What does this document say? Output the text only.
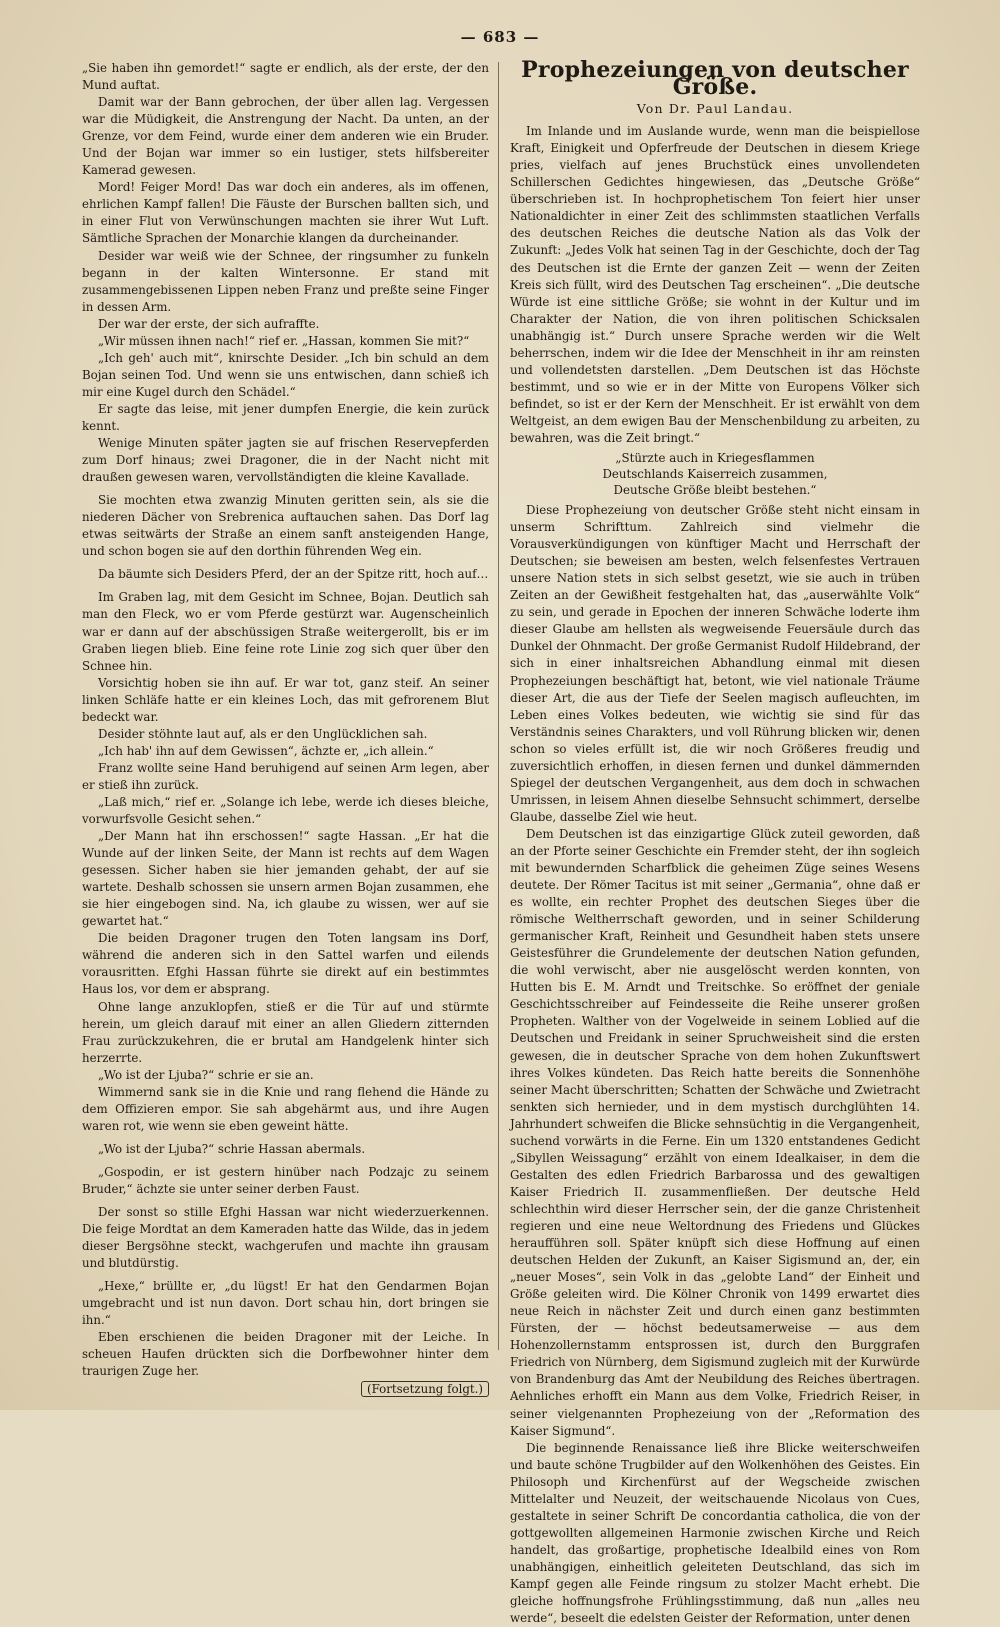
— 683 —

„Sie haben ihn gemordet!“ sagte er endlich, als der erste, der den Mund auftat.

Damit war der Bann gebrochen, der über allen lag. Vergessen war die Müdigkeit, die Anstrengung der Nacht. Da unten, an der Grenze, vor dem Feind, wurde einer dem anderen wie ein Bruder. Und der Bojan war immer so ein lustiger, stets hilfsbereiter Kamerad gewesen.

Mord! Feiger Mord! Das war doch ein anderes, als im offenen, ehrlichen Kampf fallen! Die Fäuste der Burschen ballten sich, und in einer Flut von Verwünschungen machten sie ihrer Wut Luft. Sämtliche Sprachen der Monarchie klangen da durcheinander.

Desider war weiß wie der Schnee, der ringsumher zu funkeln begann in der kalten Wintersonne. Er stand mit zusammengebissenen Lippen neben Franz und preßte seine Finger in dessen Arm.

Der war der erste, der sich aufraffte.

„Wir müssen ihnen nach!“ rief er. „Hassan, kommen Sie mit?“

„Ich geh' auch mit“, knirschte Desider. „Ich bin schuld an dem Bojan seinen Tod. Und wenn sie uns entwischen, dann schieß ich mir eine Kugel durch den Schädel.“

Er sagte das leise, mit jener dumpfen Energie, die kein zurück kennt.

Wenige Minuten später jagten sie auf frischen Reservepferden zum Dorf hinaus; zwei Dragoner, die in der Nacht nicht mit draußen gewesen waren, vervollständigten die kleine Kavallade.

Sie mochten etwa zwanzig Minuten geritten sein, als sie die niederen Dächer von Srebrenica auftauchen sahen. Das Dorf lag etwas seitwärts der Straße an einem sanft ansteigenden Hange, und schon bogen sie auf den dorthin führenden Weg ein.

Da bäumte sich Desiders Pferd, der an der Spitze ritt, hoch auf…

Im Graben lag, mit dem Gesicht im Schnee, Bojan. Deutlich sah man den Fleck, wo er vom Pferde gestürzt war. Augenscheinlich war er dann auf der abschüssigen Straße weitergerollt, bis er im Graben liegen blieb. Eine feine rote Linie zog sich quer über den Schnee hin.

Vorsichtig hoben sie ihn auf. Er war tot, ganz steif. An seiner linken Schläfe hatte er ein kleines Loch, das mit gefrorenem Blut bedeckt war.

Desider stöhnte laut auf, als er den Unglücklichen sah.

„Ich hab' ihn auf dem Gewissen“, ächzte er, „ich allein.“

Franz wollte seine Hand beruhigend auf seinen Arm legen, aber er stieß ihn zurück.

„Laß mich,“ rief er. „Solange ich lebe, werde ich dieses bleiche, vorwurfsvolle Gesicht sehen.“

„Der Mann hat ihn erschossen!“ sagte Hassan. „Er hat die Wunde auf der linken Seite, der Mann ist rechts auf dem Wagen gesessen. Sicher haben sie hier jemanden gehabt, der auf sie wartete. Deshalb schossen sie unsern armen Bojan zusammen, ehe sie hier eingebogen sind. Na, ich glaube zu wissen, wer auf sie gewartet hat.“

Die beiden Dragoner trugen den Toten langsam ins Dorf, während die anderen sich in den Sattel warfen und eilends vorausritten. Efghi Hassan führte sie direkt auf ein bestimmtes Haus los, vor dem er absprang.

Ohne lange anzuklopfen, stieß er die Tür auf und stürmte herein, um gleich darauf mit einer an allen Gliedern zitternden Frau zurückzukehren, die er brutal am Handgelenk hinter sich herzerrte.

„Wo ist der Ljuba?“ schrie er sie an.

Wimmernd sank sie in die Knie und rang flehend die Hände zu dem Offizieren empor. Sie sah abgehärmt aus, und ihre Augen waren rot, wie wenn sie eben geweint hätte.

„Wo ist der Ljuba?“ schrie Hassan abermals.

„Gospodin, er ist gestern hinüber nach Podzajc zu seinem Bruder,“ ächzte sie unter seiner derben Faust.

Der sonst so stille Efghi Hassan war nicht wiederzuerkennen. Die feige Mordtat an dem Kameraden hatte das Wilde, das in jedem dieser Bergsöhne steckt, wachgerufen und machte ihn grausam und blutdürstig.

„Hexe,“ brüllte er, „du lügst! Er hat den Gendarmen Bojan umgebracht und ist nun davon. Dort schau hin, dort bringen sie ihn.“

Eben erschienen die beiden Dragoner mit der Leiche. In scheuen Haufen drückten sich die Dorfbewohner hinter dem traurigen Zuge her.

(Fortsetzung folgt.)
Prophezeiungen von deutscher Größe.
Von Dr. Paul Landau.

Im Inlande und im Auslande wurde, wenn man die beispiellose Kraft, Einigkeit und Opferfreude der Deutschen in diesem Kriege pries, vielfach auf jenes Bruchstück eines unvollendeten Schillerschen Gedichtes hingewiesen, das „Deutsche Größe“ überschrieben ist. In hochprophetischem Ton feiert hier unser Nationaldichter in einer Zeit des schlimmsten staatlichen Verfalls des deutschen Reiches die deutsche Nation als das Volk der Zukunft: „Jedes Volk hat seinen Tag in der Geschichte, doch der Tag des Deutschen ist die Ernte der ganzen Zeit — wenn der Zeiten Kreis sich füllt, wird des Deutschen Tag erscheinen“. „Die deutsche Würde ist eine sittliche Größe; sie wohnt in der Kultur und im Charakter der Nation, die von ihren politischen Schicksalen unabhängig ist.“ Durch unsere Sprache werden wir die Welt beherrschen, indem wir die Idee der Menschheit in ihr am reinsten und vollendetsten darstellen. „Dem Deutschen ist das Höchste bestimmt, und so wie er in der Mitte von Europens Völker sich befindet, so ist er der Kern der Menschheit. Er ist erwählt von dem Weltgeist, an dem ewigen Bau der Menschenbildung zu arbeiten, zu bewahren, was die Zeit bringt.“

„Stürzte auch in Kriegesflammen
Deutschlands Kaiserreich zusammen,
Deutsche Größe bleibt bestehen.“

Diese Prophezeiung von deutscher Größe steht nicht einsam in unserm Schrifttum. Zahlreich sind vielmehr die Vorausverkündigungen von künftiger Macht und Herrschaft der Deutschen; sie beweisen am besten, welch felsenfestes Vertrauen unsere Nation stets in sich selbst gesetzt, wie sie auch in trüben Zeiten an der Gewißheit festgehalten hat, das „auserwählte Volk“ zu sein, und gerade in Epochen der inneren Schwäche loderte ihm dieser Glaube am hellsten als wegweisende Feuersäule durch das Dunkel der Ohnmacht. Der große Germanist Rudolf Hildebrand, der sich in einer inhaltsreichen Abhandlung einmal mit diesen Prophezeiungen beschäftigt hat, betont, wie viel nationale Träume dieser Art, die aus der Tiefe der Seelen magisch aufleuchten, im Leben eines Volkes bedeuten, wie wichtig sie sind für das Verständnis seines Charakters, und voll Rührung blicken wir, denen schon so vieles erfüllt ist, die wir noch Größeres freudig und zuversichtlich erhoffen, in diesen fernen und dunkel dämmernden Spiegel der deutschen Vergangenheit, aus dem doch in schwachen Umrissen, in leisem Ahnen dieselbe Sehnsucht schimmert, derselbe Glaube, dasselbe Ziel wie heut.

Dem Deutschen ist das einzigartige Glück zuteil geworden, daß an der Pforte seiner Geschichte ein Fremder steht, der ihn sogleich mit bewundernden Scharfblick die geheimen Züge seines Wesens deutete. Der Römer Tacitus ist mit seiner „Germania“, ohne daß er es wollte, ein rechter Prophet des deutschen Sieges über die römische Weltherrschaft geworden, und in seiner Schilderung germanischer Kraft, Reinheit und Gesundheit haben stets unsere Geistesführer die Grundelemente der deutschen Nation gefunden, die wohl verwischt, aber nie ausgelöscht werden konnten, von Hutten bis E. M. Arndt und Treitschke. So eröffnet der geniale Geschichtsschreiber auf Feindesseite die Reihe unserer großen Propheten. Walther von der Vogelweide in seinem Loblied auf die Deutschen und Freidank in seiner Spruchweisheit sind die ersten gewesen, die in deutscher Sprache von dem hohen Zukunftswert ihres Volkes kündeten. Das Reich hatte bereits die Sonnenhöhe seiner Macht überschritten; Schatten der Schwäche und Zwietracht senkten sich hernieder, und in dem mystisch durchglühten 14. Jahrhundert schweifen die Blicke sehnsüchtig in die Vergangenheit, suchend vorwärts in die Ferne. Ein um 1320 entstandenes Gedicht „Sibyllen Weissagung“ erzählt von einem Idealkaiser, in dem die Gestalten des edlen Friedrich Barbarossa und des gewaltigen Kaiser Friedrich II. zusammenfließen. Der deutsche Held schlechthin wird dieser Herrscher sein, der die ganze Christenheit regieren und eine neue Weltordnung des Friedens und Glückes heraufführen soll. Später knüpft sich diese Hoffnung auf einen deutschen Helden der Zukunft, an Kaiser Sigismund an, der, ein „neuer Moses“, sein Volk in das „gelobte Land“ der Einheit und Größe geleiten wird. Die Kölner Chronik von 1499 erwartet dies neue Reich in nächster Zeit und durch einen ganz bestimmten Fürsten, der — höchst bedeutsamerweise — aus dem Hohenzollernstamm entsprossen ist, durch den Burggrafen Friedrich von Nürnberg, dem Sigismund zugleich mit der Kurwürde von Brandenburg das Amt der Neubildung des Reiches übertragen. Aehnliches erhofft ein Mann aus dem Volke, Friedrich Reiser, in seiner vielgenannten Prophezeiung von der „Reformation des Kaiser Sigmund“.

Die beginnende Renaissance ließ ihre Blicke weiterschweifen und baute schöne Trugbilder auf den Wolkenhöhen des Geistes. Ein Philosoph und Kirchenfürst auf der Wegscheide zwischen Mittelalter und Neuzeit, der weitschauende Nicolaus von Cues, gestaltete in seiner Schrift De concordantia catholica, die von der gottgewollten allgemeinen Harmonie zwischen Kirche und Reich handelt, das großartige, prophetische Idealbild eines von Rom unabhängigen, einheitlich geleiteten Deutschland, das sich im Kampf gegen alle Feinde ringsum zu stolzer Macht erhebt. Die gleiche hoffnungsfrohe Frühlingsstimmung, daß nun „alles neu werde“, beseelt die edelsten Geister der Reformation, unter denen
